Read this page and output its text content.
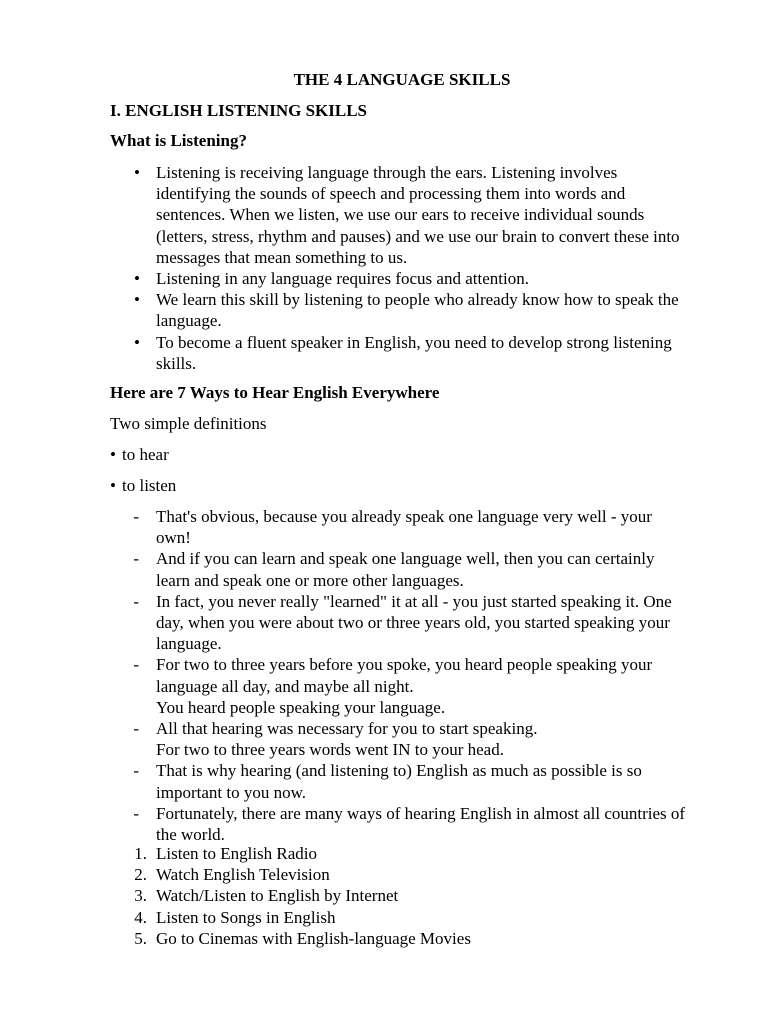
THE 4 LANGUAGE SKILLS

I. ENGLISH LISTENING SKILLS

What is Listening?

• Listening is receiving language through the ears. Listening involves identifying the sounds of speech and processing them into words and sentences. When we listen, we use our ears to receive individual sounds (letters, stress, rhythm and pauses) and we use our brain to convert these into messages that mean something to us.
• Listening in any language requires focus and attention.
• We learn this skill by listening to people who already know how to speak the language.
• To become a fluent speaker in English, you need to develop strong listening skills.

Here are 7 Ways to Hear English Everywhere

Two simple definitions

• to hear

• to listen

- That's obvious, because you already speak one language very well - your own!
- And if you can learn and speak one language well, then you can certainly learn and speak one or more other languages.
- In fact, you never really "learned" it at all - you just started speaking it. One day, when you were about two or three years old, you started speaking your language.
- For two to three years before you spoke, you heard people speaking your language all day, and maybe all night.
You heard people speaking your language.
- All that hearing was necessary for you to start speaking.
For two to three years words went IN to your head.
- That is why hearing (and listening to) English as much as possible is so important to you now.
- Fortunately, there are many ways of hearing English in almost all countries of the world.
1. Listen to English Radio
2. Watch English Television
3. Watch/Listen to English by Internet
4. Listen to Songs in English
5. Go to Cinemas with English-language Movies
